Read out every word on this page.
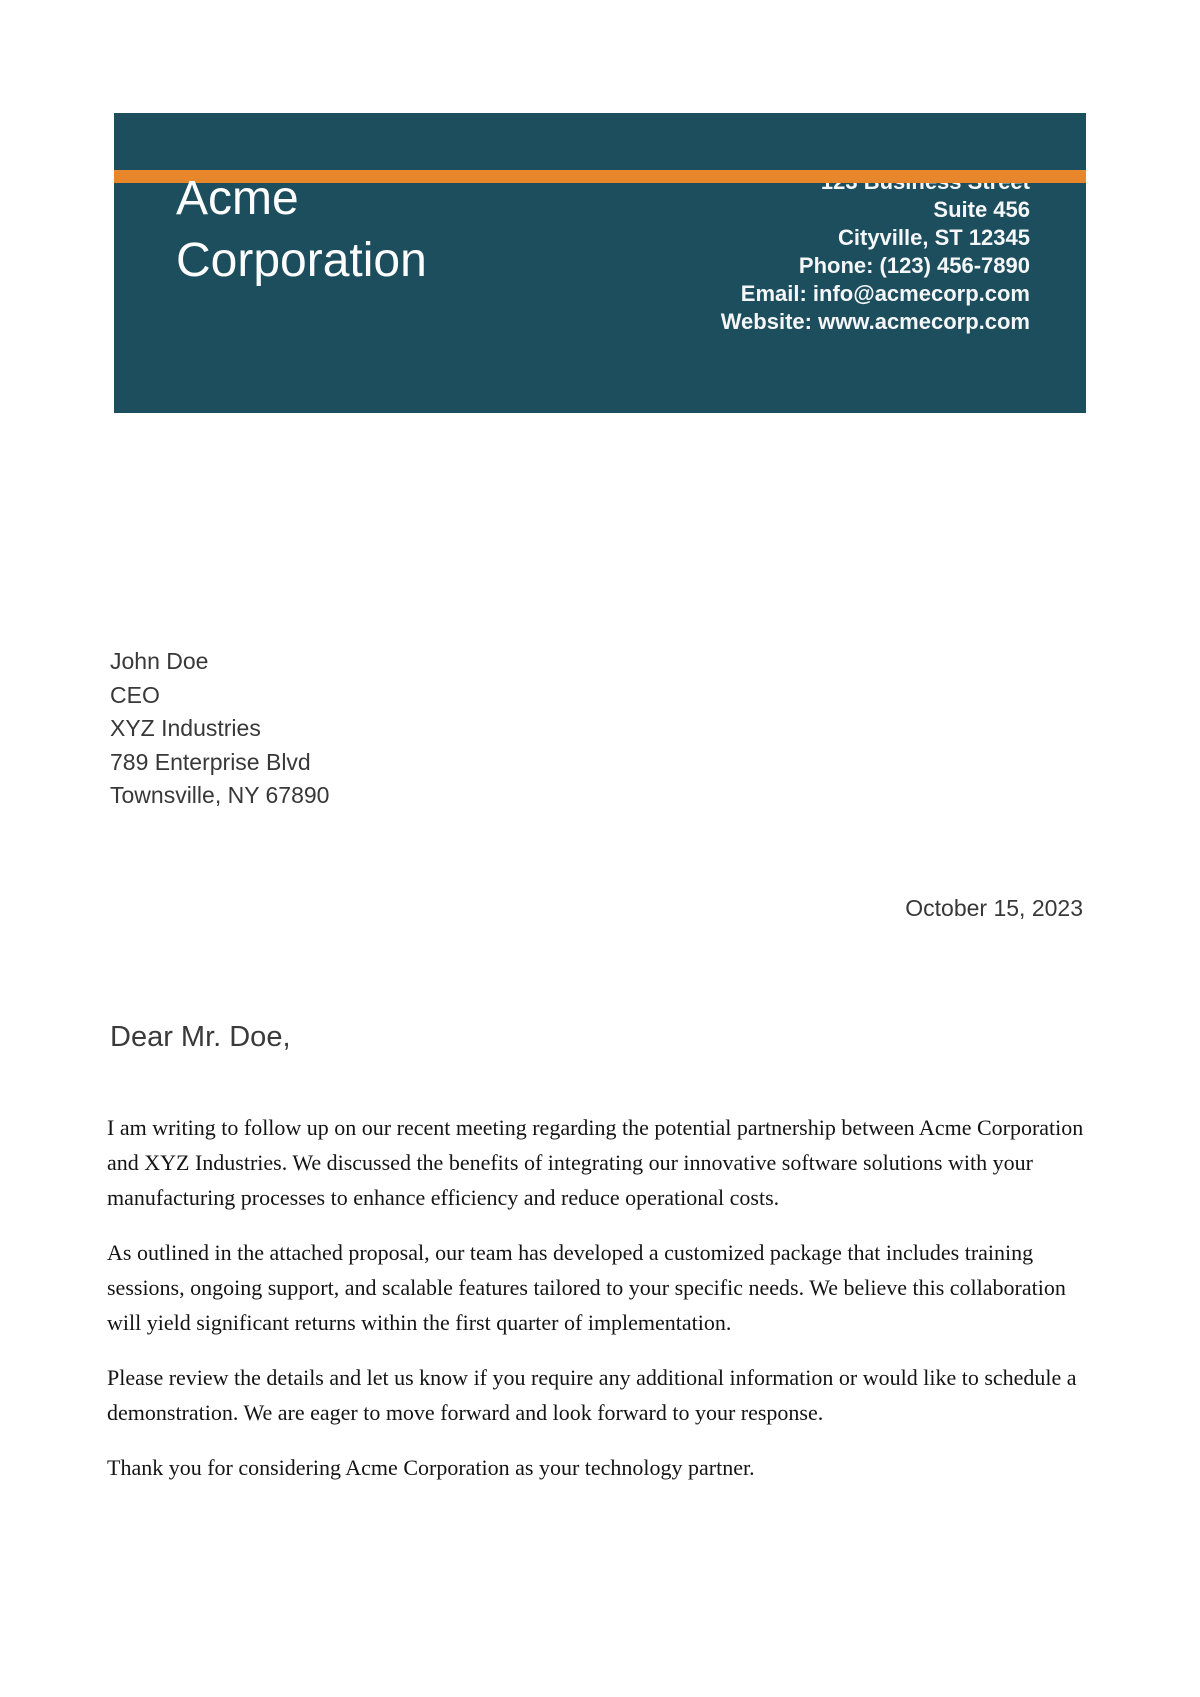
Acme Corporation
Suite 456
Cityville, ST 12345
Phone: (123) 456-7890
Email: info@acmecorp.com
Website: www.acmecorp.com
John Doe
CEO
XYZ Industries
789 Enterprise Blvd
Townsville, NY 67890
October 15, 2023
Dear Mr. Doe,

I am writing to follow up on our recent meeting regarding the potential partnership between Acme Corporation and XYZ Industries. We discussed the benefits of integrating our innovative software solutions with your manufacturing processes to enhance efficiency and reduce operational costs.

As outlined in the attached proposal, our team has developed a customized package that includes training sessions, ongoing support, and scalable features tailored to your specific needs. We believe this collaboration will yield significant returns within the first quarter of implementation.

Please review the details and let us know if you require any additional information or would like to schedule a demonstration. We are eager to move forward and look forward to your response.

Thank you for considering Acme Corporation as your technology partner.
